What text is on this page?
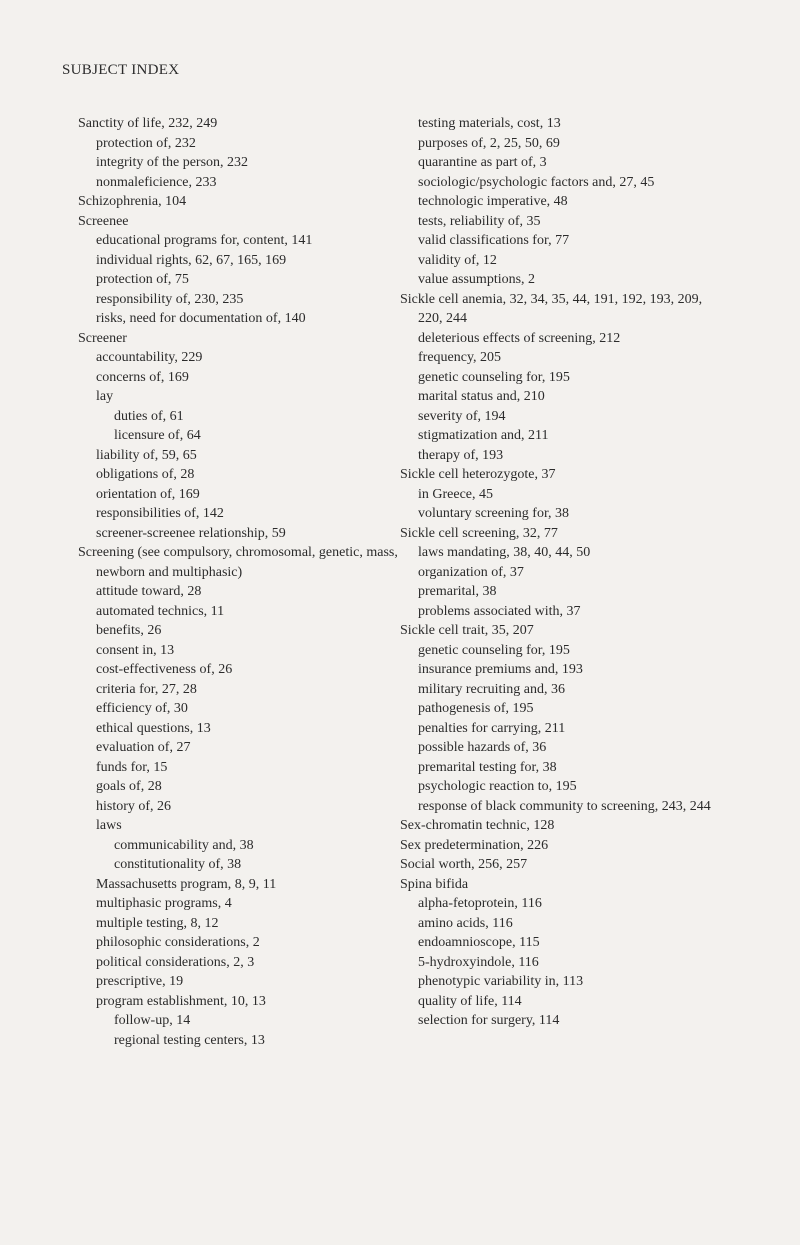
SUBJECT INDEX
Sanctity of life, 232, 249
protection of, 232
integrity of the person, 232
nonmaleficience, 233
Schizophrenia, 104
Screenee
educational programs for, content, 141
individual rights, 62, 67, 165, 169
protection of, 75
responsibility of, 230, 235
risks, need for documentation of, 140
Screener
accountability, 229
concerns of, 169
lay
duties of, 61
licensure of, 64
liability of, 59, 65
obligations of, 28
orientation of, 169
responsibilities of, 142
screener-screenee relationship, 59
Screening (see compulsory, chromosomal, genetic, mass, newborn and multiphasic)
attitude toward, 28
automated technics, 11
benefits, 26
consent in, 13
cost-effectiveness of, 26
criteria for, 27, 28
efficiency of, 30
ethical questions, 13
evaluation of, 27
funds for, 15
goals of, 28
history of, 26
laws
communicability and, 38
constitutionality of, 38
Massachusetts program, 8, 9, 11
multiphasic programs, 4
multiple testing, 8, 12
philosophic considerations, 2
political considerations, 2, 3
prescriptive, 19
program establishment, 10, 13
follow-up, 14
regional testing centers, 13
testing materials, cost, 13
purposes of, 2, 25, 50, 69
quarantine as part of, 3
sociologic/psychologic factors and, 27, 45
technologic imperative, 48
tests, reliability of, 35
valid classifications for, 77
validity of, 12
value assumptions, 2
Sickle cell anemia, 32, 34, 35, 44, 191, 192, 193, 209, 220, 244
deleterious effects of screening, 212
frequency, 205
genetic counseling for, 195
marital status and, 210
severity of, 194
stigmatization and, 211
therapy of, 193
Sickle cell heterozygote, 37
in Greece, 45
voluntary screening for, 38
Sickle cell screening, 32, 77
laws mandating, 38, 40, 44, 50
organization of, 37
premarital, 38
problems associated with, 37
Sickle cell trait, 35, 207
genetic counseling for, 195
insurance premiums and, 193
military recruiting and, 36
pathogenesis of, 195
penalties for carrying, 211
possible hazards of, 36
premarital testing for, 38
psychologic reaction to, 195
response of black community to screening, 243, 244
Sex-chromatin technic, 128
Sex predetermination, 226
Social worth, 256, 257
Spina bifida
alpha-fetoprotein, 116
amino acids, 116
endoamnioscope, 115
5-hydroxyindole, 116
phenotypic variability in, 113
quality of life, 114
selection for surgery, 114
